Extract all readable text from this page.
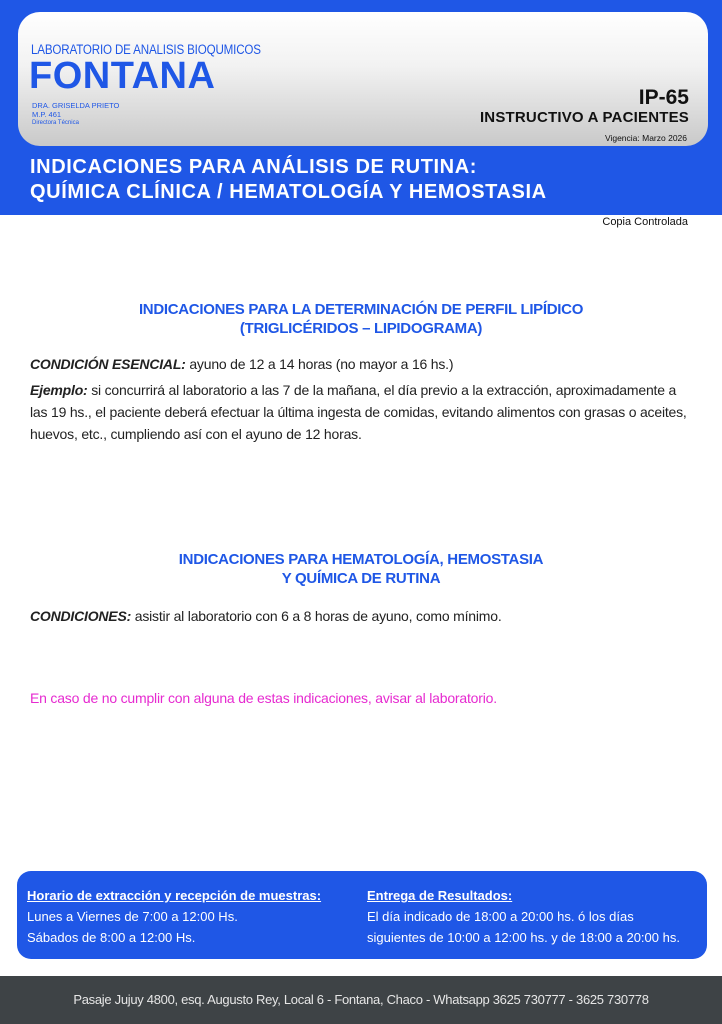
LABORATORIO DE ANALISIS BIOQUMICOS
FONTANA
DRA. GRISELDA PRIETO
M.P. 461
Directora Técnica
IP-65
INSTRUCTIVO A PACIENTES
Vigencia: Marzo 2026
INDICACIONES PARA ANÁLISIS DE RUTINA:
QUÍMICA CLÍNICA / HEMATOLOGÍA Y HEMOSTASIA
Copia Controlada
INDICACIONES PARA LA DETERMINACIÓN DE PERFIL LIPÍDICO
(TRIGLICÉRIDOS – LIPIDOGRAMA)
CONDICIÓN ESENCIAL: ayuno de 12 a 14 horas (no mayor a 16 hs.)
Ejemplo: si concurrirá al laboratorio a las 7 de la mañana, el día previo a la extracción, aproximadamente a las 19 hs., el paciente deberá efectuar la última ingesta de comidas, evitando alimentos con grasas o aceites, huevos, etc., cumpliendo así con el ayuno de 12 horas.
INDICACIONES PARA HEMATOLOGÍA, HEMOSTASIA
Y QUÍMICA DE RUTINA
CONDICIONES: asistir al laboratorio con 6 a 8 horas de ayuno, como mínimo.
En caso de no cumplir con alguna de estas indicaciones, avisar al laboratorio.
Horario de extracción y recepción de muestras:
Lunes a Viernes de 7:00 a 12:00 Hs.
Sábados de 8:00 a 12:00 Hs.
Entrega de Resultados:
El día indicado de 18:00 a 20:00 hs. ó los días
siguientes de 10:00 a 12:00 hs. y de 18:00 a 20:00 hs.
Pasaje Jujuy 4800, esq. Augusto Rey, Local 6 - Fontana, Chaco - Whatsapp 3625 730777 - 3625 730778
